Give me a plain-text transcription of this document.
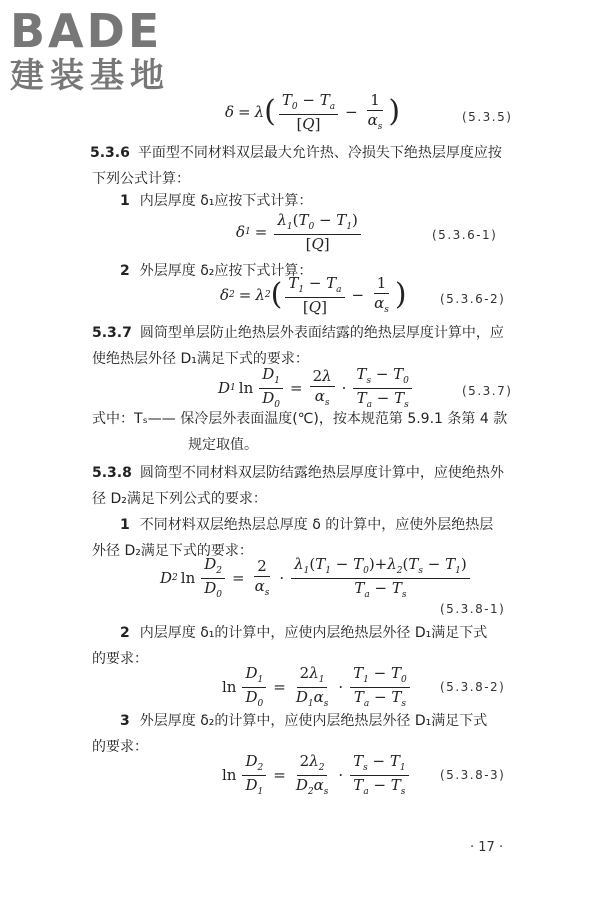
BADE
建装基地
δ = λ ( $\frac{T_0 - T_a}{[Q]} - \frac{1}{\alpha_s}$ )	(5.3.5)
5.3.6 平面型不同材料双层最大允许热、冷损失下绝热层厚度应按下列公式计算：
1 内层厚度 δ₁应按下式计算：
δ $1 = \frac{\lambda_1(T_0 - T_1)}{[Q]}$	(5.3.6-1)
2 外层厚度 δ₂应按下式计算：
δ 2 = λ 2 ( $\frac{T_1 - T_a}{[Q]} - \frac{1}{\alpha_s}$ )	(5.3.6-2)
5.3.7 圆筒型单层防止绝热层外表面结露的绝热层厚度计算中，应使绝热层外径 D₁满足下式的要求：
D 1 $\ln \frac{D_1}{D_0} = \frac{2\lambda}{\alpha_s} \cdot \frac{T_s - T_0}{T_a - T_s}$	(5.3.7)
式中：Tₛ—— 保冷层外表面温度(℃)，按本规范第 5.9.1 条第 4 款
规定取值。
5.3.8 圆筒型不同材料双层防结露绝热层厚度计算中，应使绝热外径 D₂满足下列公式的要求：
1 不同材料双层绝热层总厚度 δ 的计算中，应使外层绝热层
外径 D₂满足下式的要求：
D 2 $\ln \frac{D_2}{D_0} = \frac{2}{\alpha_s} \cdot \frac{\lambda_1(T_1 - T_0)+\lambda_2(T_s - T_1)}{T_a - T_s}$
(5.3.8-1)
2 内层厚度 δ₁的计算中，应使内层绝热层外径 D₁满足下式
的要求：
$\ln \frac{D_1}{D_0} = \frac{2\lambda_1}{D_1\alpha_s} \cdot \frac{T_1 - T_0}{T_a - T_s}$	(5.3.8-2)
3 外层厚度 δ₂的计算中，应使内层绝热层外径 D₁满足下式
的要求：
$\ln \frac{D_2}{D_1} = \frac{2\lambda_2}{D_2\alpha_s} \cdot \frac{T_s - T_1}{T_a - T_s}$	(5.3.8-3)
· 17 ·
